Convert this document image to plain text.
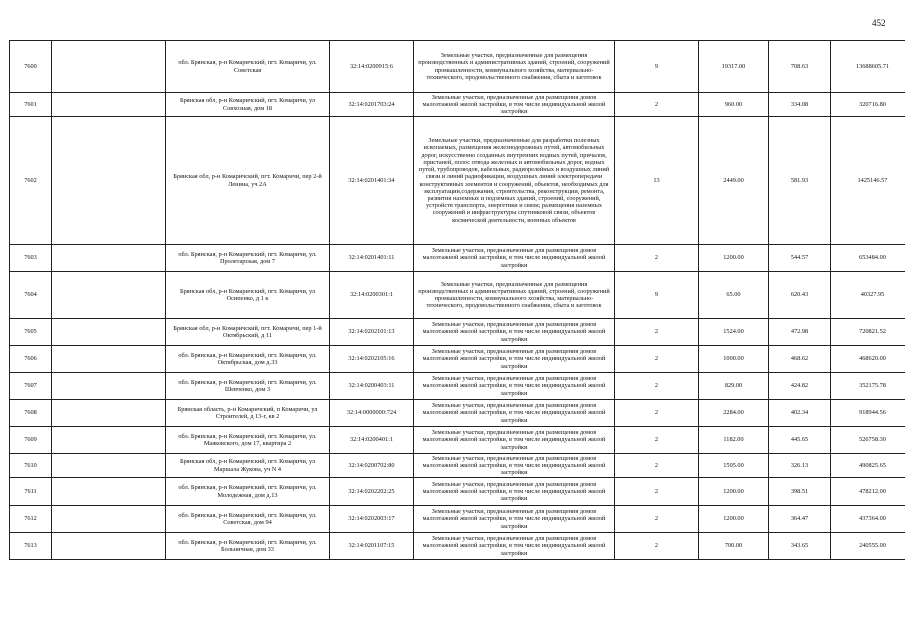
452
7600		обл. Брянская, р-н Комаричский, пгт. Комаричи, ул. Советская	32:14:0200915:6	Земельные участки, предназначенные для размещения производственных и административных зданий, строений, сооружений промышленности, коммунального хозяйства, материально-технического, продовольственного снабжения, сбыта и заготовок	9	19317.00	708.63	13688605.71
7601		Брянская обл, р-н Комаричский, пгт. Комаричи, ул Совхозная, дом 18	32:14:0201703:24	Земельные участки, предназначенные для размещения домов малоэтажной жилой застройки, в том числе индивидуальной жилой застройки	2	960.00	334.08	320716.80
7602		Брянская обл, р-н Комаричский, пгт. Комаричи, пер 2-й Ленина, уч 2А	32:14:0201401:34	Земельные участки, предназначенные для разработки полезных ископаемых, размещения железнодорожных путей, автомобильных дорог, искусственно созданных внутренних водных путей, причалов, пристаней, полос отвода железных и автомобильных дорог, водных путей, трубопроводов, кабельных, радиорелейных и воздушных линий связи и линий радиофикации, воздушных линий электропередачи конструктивных элементов и сооружений, объектов, необходимых для эксплуатации,содержания, строительства, реконструкции, ремонта, развития наземных и подземных зданий, строений, сооружений, устройств транспорта, энергетики и связи; размещения наземных сооружений и инфраструктуры спутниковой связи, объектов космической деятельности, военных объектов	13	2449.00	581.93	1425146.57
7603		обл. Брянская, р-н Комаричский, пгт. Комаричи, ул. Пролетарская, дом 7	32:14:0201401:11	Земельные участки, предназначенные для размещения домов малоэтажной жилой застройки, в том числе индивидуальной жилой застройки	2	1200.00	544.57	653484.00
7604		Брянская обл, р-н Комаричский, пгт. Комаричи, ул Осипенко, д 1 к	32:14:0200301:1	Земельные участки, предназначенные для размещения производственных и административных зданий, строений, сооружений промышленности, коммунального хозяйства, материально-технического, продовольственного снабжения, сбыта и заготовок	9	65.00	620.43	40327.95
7605		Брянская обл, р-н Комаричский, пгт. Комаричи, пер 1-й Октябрьский, д 11	32:14:0202101:13	Земельные участки, предназначенные для размещения домов малоэтажной жилой застройки, в том числе индивидуальной жилой застройки	2	1524.00	472.98	720821.52
7606		обл. Брянская, р-н Комаричский, пгт. Комаричи, ул. Октябрьская, дом д.33	32:14:0202105:16	Земельные участки, предназначенные для размещения домов малоэтажной жилой застройки, в том числе индивидуальной жилой застройки	2	1000.00	468.62	468620.00
7607		обл. Брянская, р-н Комаричский, пгт. Комаричи, ул. Шевченко, дом 3	32:14:0200403:11	Земельные участки, предназначенные для размещения домов малоэтажной жилой застройки, в том числе индивидуальной жилой застройки	2	829.00	424.82	352175.78
7608		Брянская область, р-н Комаричский, п Комаричи, ул Строителей, д 13-г, кв 2	32:14:0000000:724	Земельные участки, предназначенные для размещения домов малоэтажной жилой застройки, в том числе индивидуальной жилой застройки	2	2284.00	402.34	918944.56
7609		обл. Брянская, р-н Комаричский, пгт. Комаричи, ул. Маяковского, дом 17, квартира 2	32:14:0200401:1	Земельные участки, предназначенные для размещения домов малоэтажной жилой застройки, в том числе индивидуальной жилой застройки	2	1182.00	445.65	526758.30
7610		Брянская обл, р-н Комаричский, пгт. Комаричи, ул Маршала Жукова, уч N 4	32:14:0200702:80	Земельные участки, предназначенные для размещения домов малоэтажной жилой застройки, в том числе индивидуальной жилой застройки	2	1505.00	326.13	490825.65
7611		обл. Брянская, р-н Комаричский, пгт. Комаричи, ул. Молодежная, дом д.13	32:14:0202202:25	Земельные участки, предназначенные для размещения домов малоэтажной жилой застройки, в том числе индивидуальной жилой застройки	2	1200.00	398.51	478212.00
7612		обл. Брянская, р-н Комаричский, пгт. Комаричи, ул. Советская, дом 94	32:14:0202003:17	Земельные участки, предназначенные для размещения домов малоэтажной жилой застройки, в том числе индивидуальной жилой застройки	2	1200.00	364.47	437364.00
7613		обл. Брянская, р-н Комаричский, пгт. Комаричи, ул. Больничная, дом 33	32:14:0201107:15	Земельные участки, предназначенные для размещения домов малоэтажной жилой застройки, в том числе индивидуальной жилой застройки	2	700.00	343.65	240555.00
